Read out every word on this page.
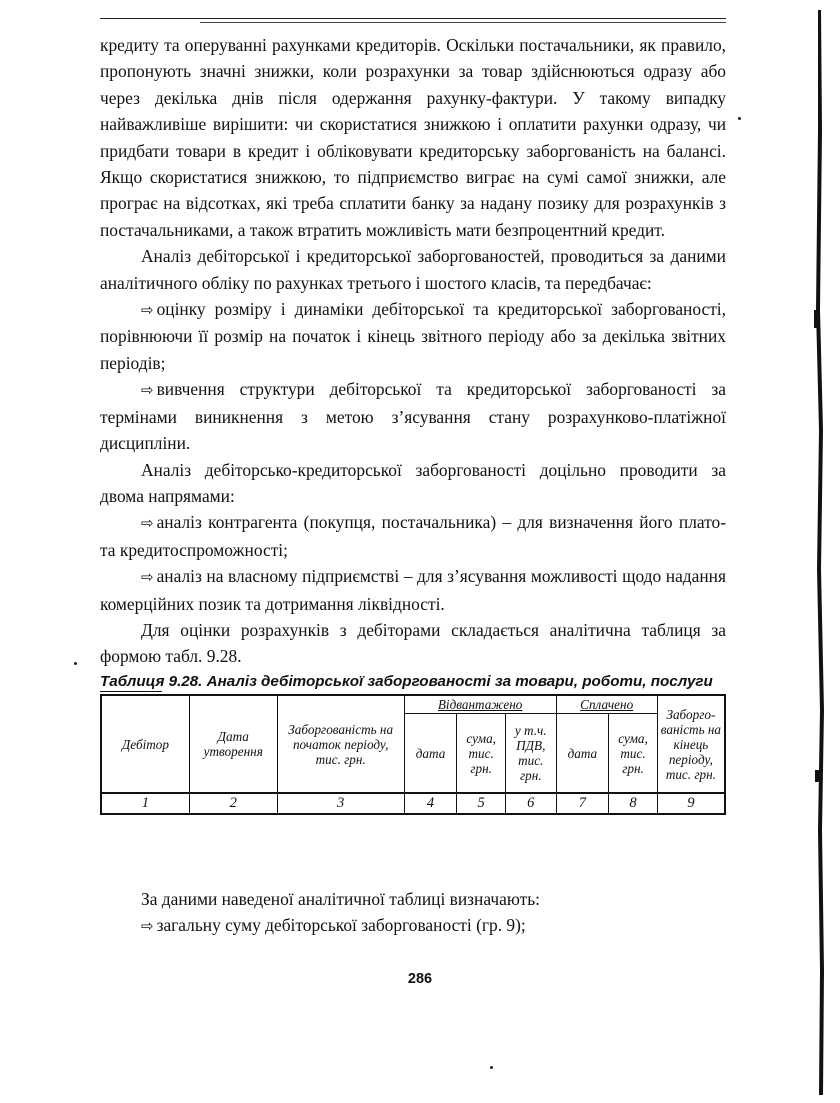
кредиту та оперуванні рахунками кредиторів. Оскільки постачальники, як правило, пропонують значні знижки, коли розрахунки за товар здійснюються одразу або через декілька днів після одержання рахунку-фактури. У такому випадку найважливіше вирішити: чи скористатися знижкою і оплатити рахунки одразу, чи придбати товари в кредит і обліковувати кредиторську заборгованість на балансі. Якщо скористатися знижкою, то підприємство виграє на сумі самої знижки, але програє на відсотках, які треба сплатити банку за надану позику для розрахунків з постачальниками, а також втратить можливість мати безпроцентний кредит.

Аналіз дебіторської і кредиторської заборгованостей, проводиться за даними аналітичного обліку по рахунках третього і шостого класів, та передбачає:

⇨ оцінку розміру і динаміки дебіторської та кредиторської заборгованості, порівнюючи її розмір на початок і кінець звітного періоду або за декілька звітних періодів;

⇨ вивчення структури дебіторської та кредиторської заборгованості за термінами виникнення з метою з’ясування стану розрахунково-платіжної дисципліни.

Аналіз дебіторсько-кредиторської заборгованості доцільно проводити за двома напрямами:

⇨ аналіз контрагента (покупця, постачальника) – для визначення його плато- та кредитоспроможності;

⇨ аналіз на власному підприємстві – для з’ясування можливості щодо надання комерційних позик та дотримання ліквідності.

Для оцінки розрахунків з дебіторами складається аналітична таблиця за формою табл. 9.28.

Таблиця 9.28. Аналіз дебіторської заборгованості за товари, роботи, послуги
Дебітор	Дата утворення	Заборгованість на початок періоду, тис. грн.	Відвантажено			Сплачено		Заборго-ваність на кінець періоду, тис. грн.
			дата	сума, тис. грн.	у т.ч. ПДВ, тис. грн.	дата	сума, тис. грн.	
1	2	3	4	5	6	7	8	9

За даними наведеної аналітичної таблиці визначають:

⇨ загальну суму дебіторської заборгованості (гр. 9);

286
